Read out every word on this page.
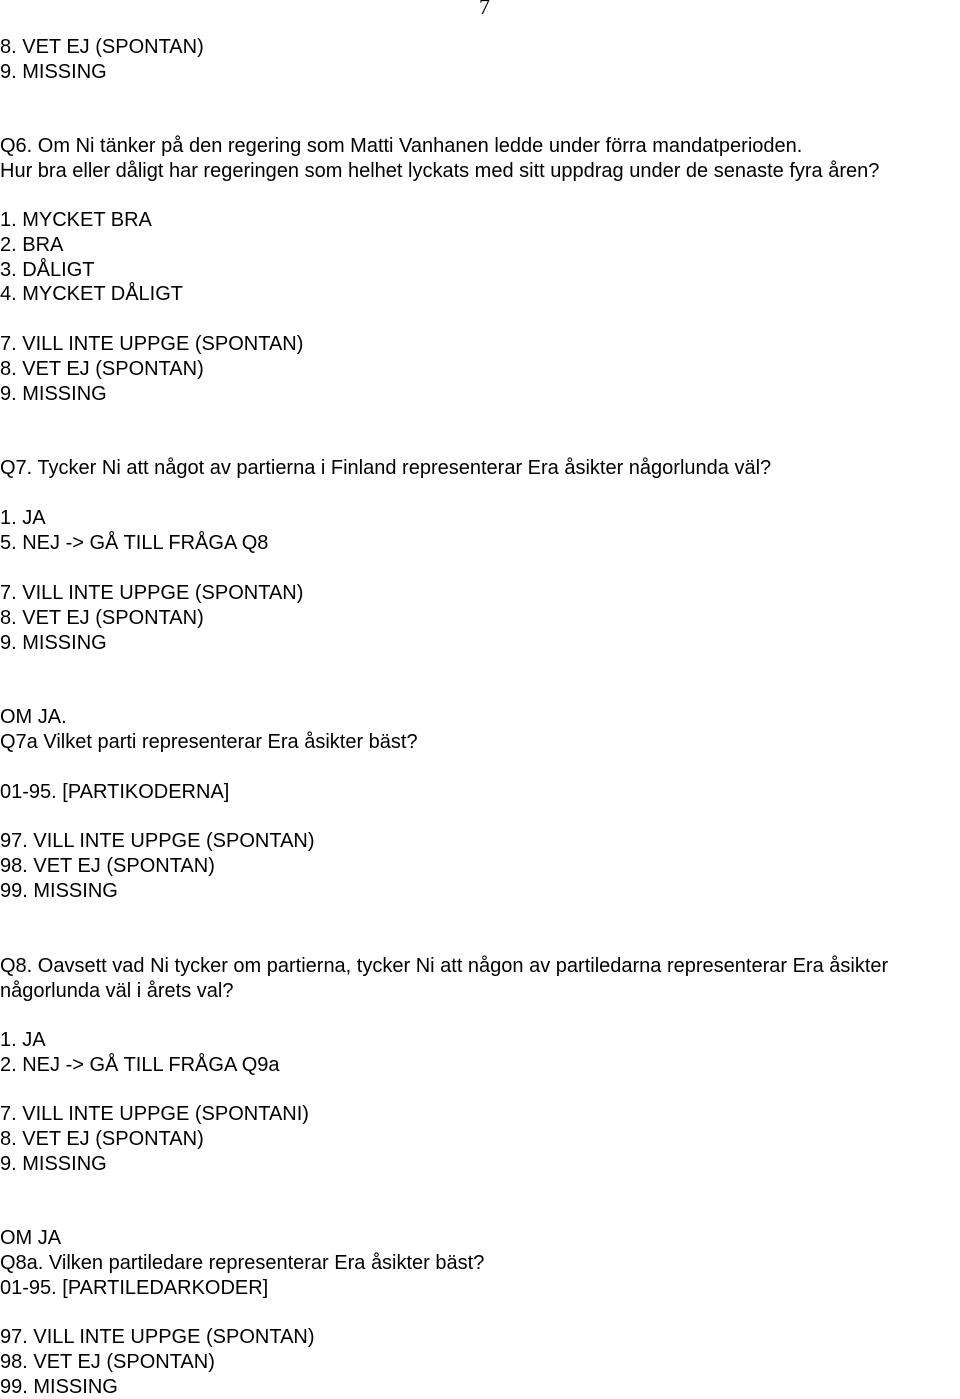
7
8. VET EJ (SPONTAN)
9. MISSING
Q6. Om Ni tänker på den regering som Matti Vanhanen ledde under förra mandatperioden.
Hur bra eller dåligt har regeringen som helhet lyckats med sitt uppdrag under de senaste fyra åren?
1. MYCKET BRA
2. BRA
3. DÅLIGT
4. MYCKET DÅLIGT
7. VILL INTE UPPGE (SPONTAN)
8. VET EJ (SPONTAN)
9. MISSING
Q7. Tycker Ni att något av partierna i Finland representerar Era åsikter någorlunda väl?
1. JA
5. NEJ -> GÅ TILL FRÅGA Q8
7. VILL INTE UPPGE (SPONTAN)
8. VET EJ (SPONTAN)
9. MISSING
OM JA.
Q7a Vilket parti representerar Era åsikter bäst?
01-95. [PARTIKODERNA]
97. VILL INTE UPPGE (SPONTAN)
98. VET EJ (SPONTAN)
99. MISSING
Q8. Oavsett vad Ni tycker om partierna, tycker Ni att någon av partiledarna representerar Era åsikter
någorlunda väl i årets val?
1. JA
2. NEJ -> GÅ TILL FRÅGA Q9a
7. VILL INTE UPPGE (SPONTANI)
8. VET EJ (SPONTAN)
9. MISSING
OM JA
Q8a. Vilken partiledare representerar Era åsikter bäst?
01-95. [PARTILEDARKODER]
97. VILL INTE UPPGE (SPONTAN)
98. VET EJ (SPONTAN)
99. MISSING
